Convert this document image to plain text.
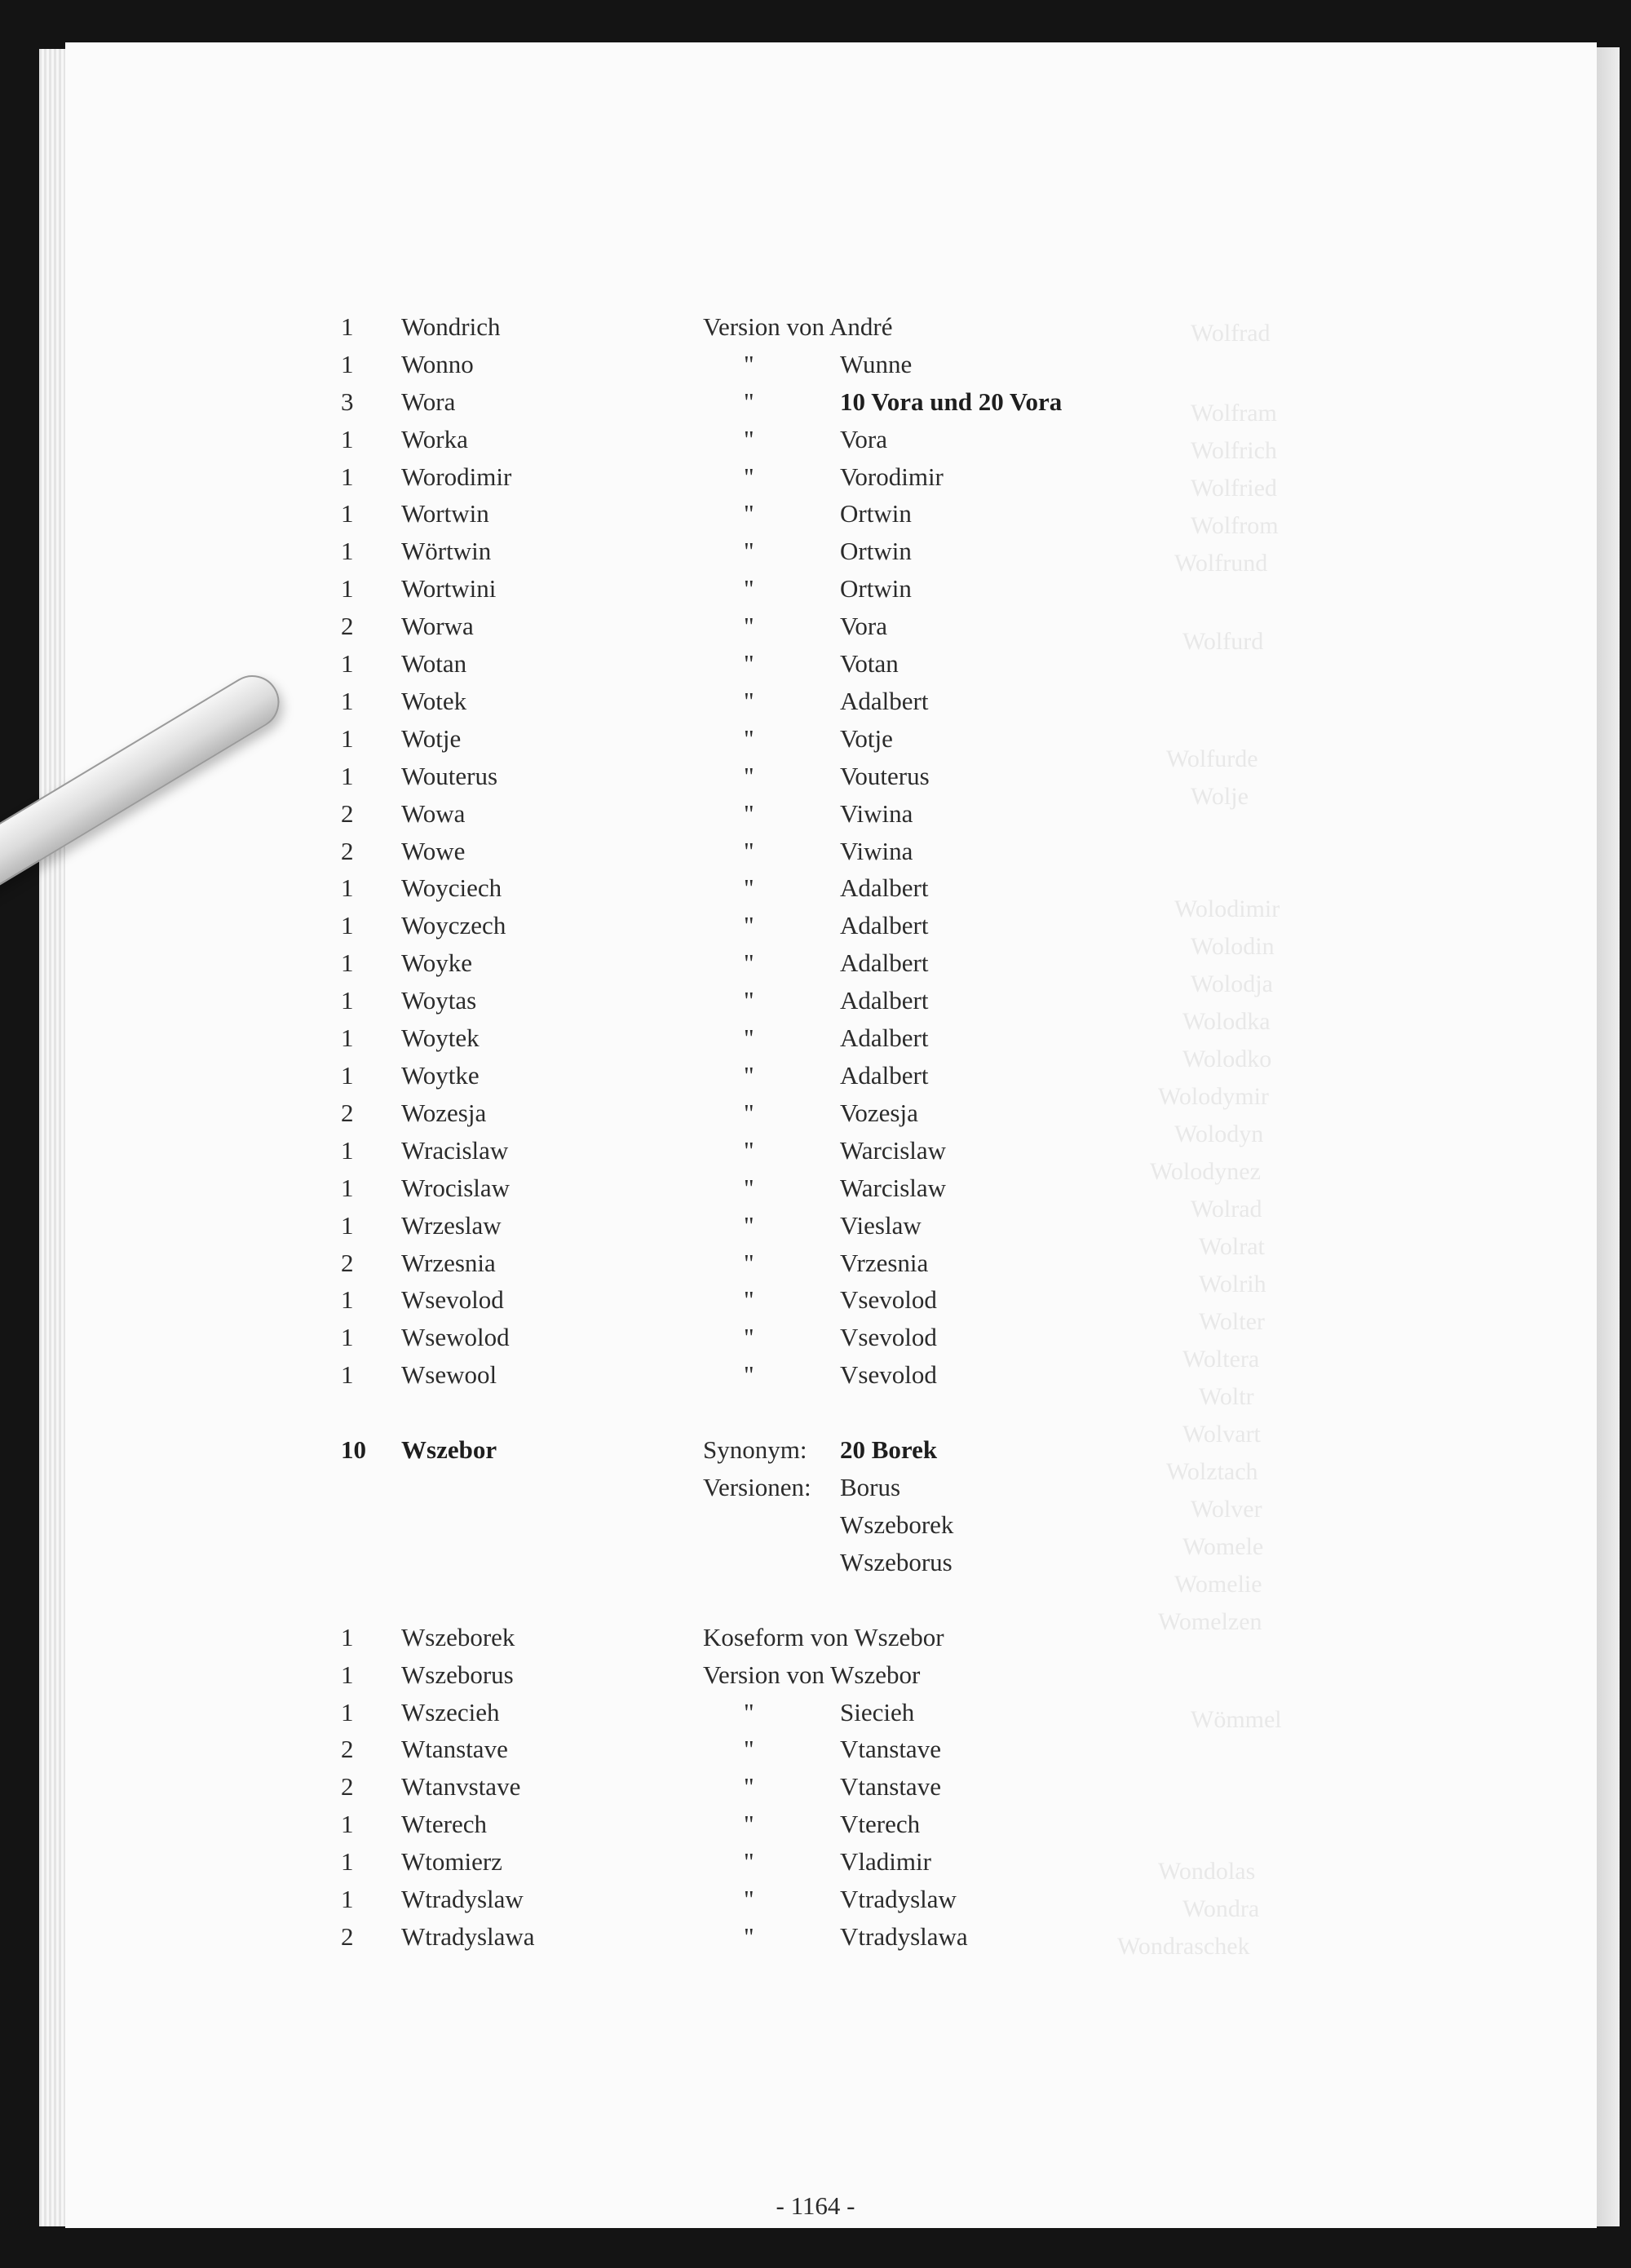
Wolfrad
Wolfram
Wolfrich
Wolfried
Wolfrom
Wolfrund
Wolfurd
Wolfurde
Wolje
Wolodimir
Wolodin
Wolodja
Wolodka
Wolodko
Wolodymir
Wolodyn
Wolodynez
Wolrad
Wolrat
Wolrih
Wolter
Woltera
Woltr
Wolvart
Wolztach
Wolver
Womele
Womelie
Womelzen
Wömmel
Wondolas
Wondra
Wondraschek
1 Wondrich	Version von André
1 Wonno	"	Wunne
3 Wora	"	10 Vora und 20 Vora
1 Worka	"	Vora
1 Worodimir	"	Vorodimir
1 Wortwin	"	Ortwin
1 Wörtwin	"	Ortwin
1 Wortwini	"	Ortwin
2 Worwa	"	Vora
1 Wotan	"	Votan
1 Wotek	"	Adalbert
1 Wotje	"	Votje
1 Wouterus	"	Vouterus
2 Wowa	"	Viwina
2 Wowe	"	Viwina
1 Woyciech	"	Adalbert
1 Woyczech	"	Adalbert
1 Woyke	"	Adalbert
1 Woytas	"	Adalbert
1 Woytek	"	Adalbert
1 Woytke	"	Adalbert
2 Wozesja	"	Vozesja
1 Wracislaw	"	Warcislaw
1 Wrocislaw	"	Warcislaw
1 Wrzeslaw	"	Vieslaw
2 Wrzesnia	"	Vrzesnia
1 Wsevolod	"	Vsevolod
1 Wsewolod	"	Vsevolod
1 Wsewool	"	Vsevolod
10 Wszebor	Synonym: 20 Borek
Versionen: Borus
Wszeborek
Wszeborus
1 Wszeborek	Koseform von Wszebor
1 Wszeborus	Version von Wszebor
1 Wszecieh	"	Siecieh
2 Wtanstave	"	Vtanstave
2 Wtanvstave	"	Vtanstave
1 Wterech	"	Vterech
1 Wtomierz	"	Vladimir
1 Wtradyslaw	"	Vtradyslaw
2 Wtradyslawa	"	Vtradyslawa
- 1164 -
